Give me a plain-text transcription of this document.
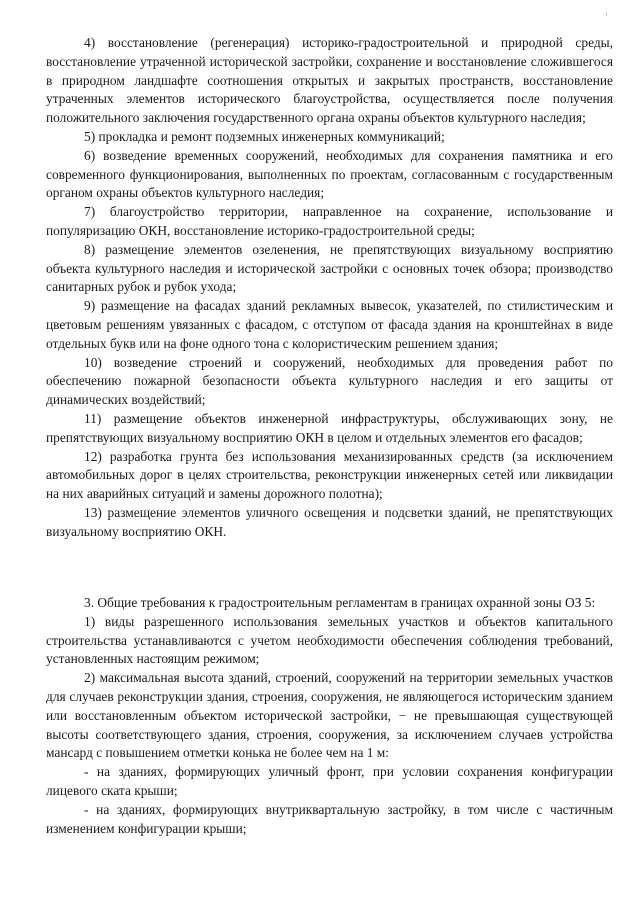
4) восстановление (регенерация) историко-градостроительной и природной среды, восстановление утраченной исторической застройки, сохранение и восстановление сложившегося в природном ландшафте соотношения открытых и закрытых пространств, восстановление утраченных элементов исторического благоустройства, осуществляется после получения положительного заключения государственного органа охраны объектов культурного наследия;

5) прокладка и ремонт подземных инженерных коммуникаций;

6) возведение временных сооружений, необходимых для сохранения памятника и его современного функционирования, выполненных по проектам, согласованным с государственным органом охраны объектов культурного наследия;

7) благоустройство территории, направленное на сохранение, использование и популяризацию ОКН, восстановление историко-градостроительной среды;

8) размещение элементов озеленения, не препятствующих визуальному восприятию объекта культурного наследия и исторической застройки с основных точек обзора; производство санитарных рубок и рубок ухода;

9) размещение на фасадах зданий рекламных вывесок, указателей, по стилистическим и цветовым решениям увязанных с фасадом, с отступом от фасада здания на кронштейнах в виде отдельных букв или на фоне одного тона с колористическим решением здания;

10) возведение строений и сооружений, необходимых для проведения работ по обеспечению пожарной безопасности объекта культурного наследия и его защиты от динамических воздействий;

11) размещение объектов инженерной инфраструктуры, обслуживающих зону, не препятствующих визуальному восприятию ОКН в целом и отдельных элементов его фасадов;

12) разработка грунта без использования механизированных средств (за исключением автомобильных дорог в целях строительства, реконструкции инженерных сетей или ликвидации на них аварийных ситуаций и замены дорожного полотна);

13) размещение элементов уличного освещения и подсветки зданий, не препятствующих визуальному восприятию ОКН.

3. Общие требования к градостроительным регламентам в границах охранной зоны ОЗ 5:

1) виды разрешенного использования земельных участков и объектов капитального строительства устанавливаются с учетом необходимости обеспечения соблюдения требований, установленных настоящим режимом;

2) максимальная высота зданий, строений, сооружений на территории земельных участков для случаев реконструкции здания, строения, сооружения, не являющегося историческим зданием или восстановленным объектом исторической застройки, − не превышающая существующей высоты соответствующего здания, строения, сооружения, за исключением случаев устройства мансард с повышением отметки конька не более чем на 1 м:

- на зданиях, формирующих уличный фронт, при условии сохранения конфигурации лицевого ската крыши;

- на зданиях, формирующих внутриквартальную застройку, в том числе с частичным изменением конфигурации крыши;
